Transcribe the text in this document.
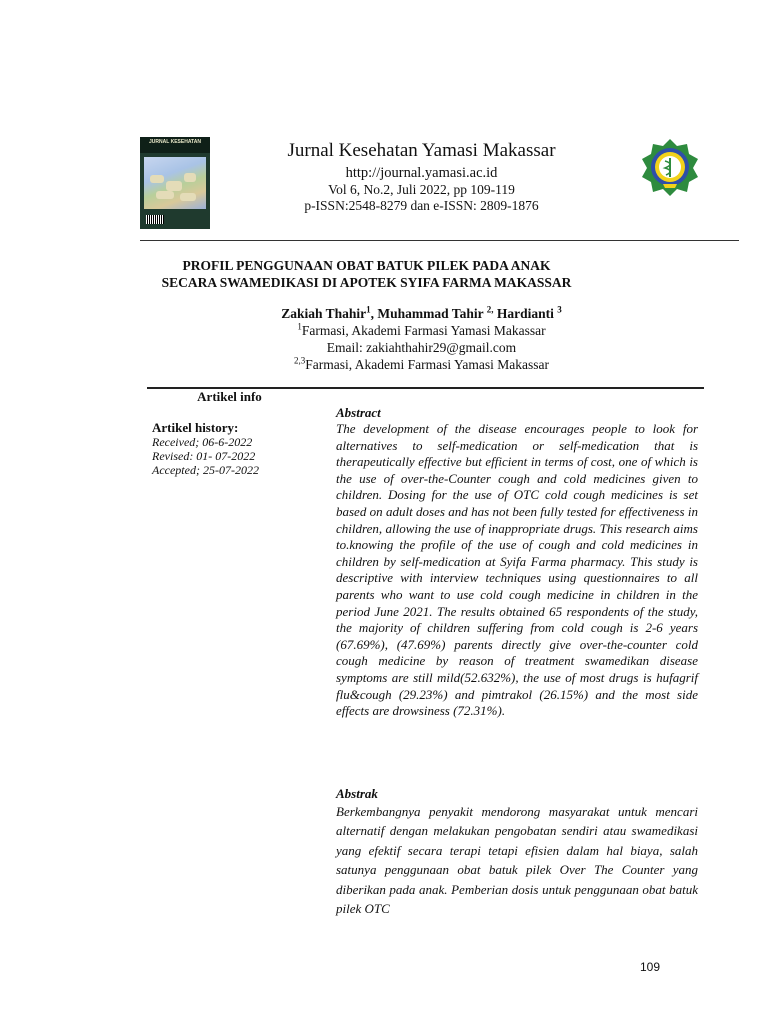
JURNAL KESEHATAN	Jurnal Kesehatan Yamasi Makassar
http://journal.yamasi.ac.id
Vol 6, No.2, Juli 2022, pp 109-119
p-ISSN:2548-8279 dan e-ISSN: 2809-1876
PROFIL PENGGUNAAN OBAT BATUK PILEK PADA ANAK
SECARA SWAMEDIKASI DI APOTEK SYIFA FARMA MAKASSAR
Zakiah Thahir$^1$, Muhammad Tahir $^{2,}$ Hardianti $^3$
$^1$Farmasi, Akademi Farmasi Yamasi Makassar
Email: zakiahthahir29@gmail.com
$^{2,3}$Farmasi, Akademi Farmasi Yamasi Makassar
Artikel info
Artikel history:
Received; 06-6-2022
Revised: 01- 07-2022
Accepted; 25-07-2022
Abstract
The development of the disease encourages people to look for alternatives to self-medication or self-medication that is therapeutically effective but efficient in terms of cost, one of which is the use of over-the-Counter cough and cold medicines given to children. Dosing for the use of OTC cold cough medicines is set based on adult doses and has not been fully tested for effectiveness in children, allowing the use of inappropriate drugs. This research aims to.knowing the profile of the use of cough and cold medicines in children by self-medication at Syifa Farma pharmacy. This study is descriptive with interview techniques using questionnaires to all parents who want to use cold cough medicine in children in the period June 2021. The results obtained 65 respondents of the study, the majority of children suffering from cold cough is 2-6 years (67.69%), (47.69%) parents directly give over-the-counter cold cough medicine by reason of treatment swamedikan disease symptoms are still mild(52.632%), the use of most drugs is hufagrif flu&cough (29.23%) and pimtrakol (26.15%) and the most side effects are drowsiness (72.31%).
Abstrak
Berkembangnya penyakit mendorong masyarakat untuk mencari alternatif dengan melakukan pengobatan sendiri atau swamedikasi yang efektif secara terapi tetapi efisien dalam hal biaya, salah satunya penggunaan obat batuk pilek Over The Counter yang diberikan pada anak. Pemberian dosis untuk penggunaan obat batuk pilek OTC
109
